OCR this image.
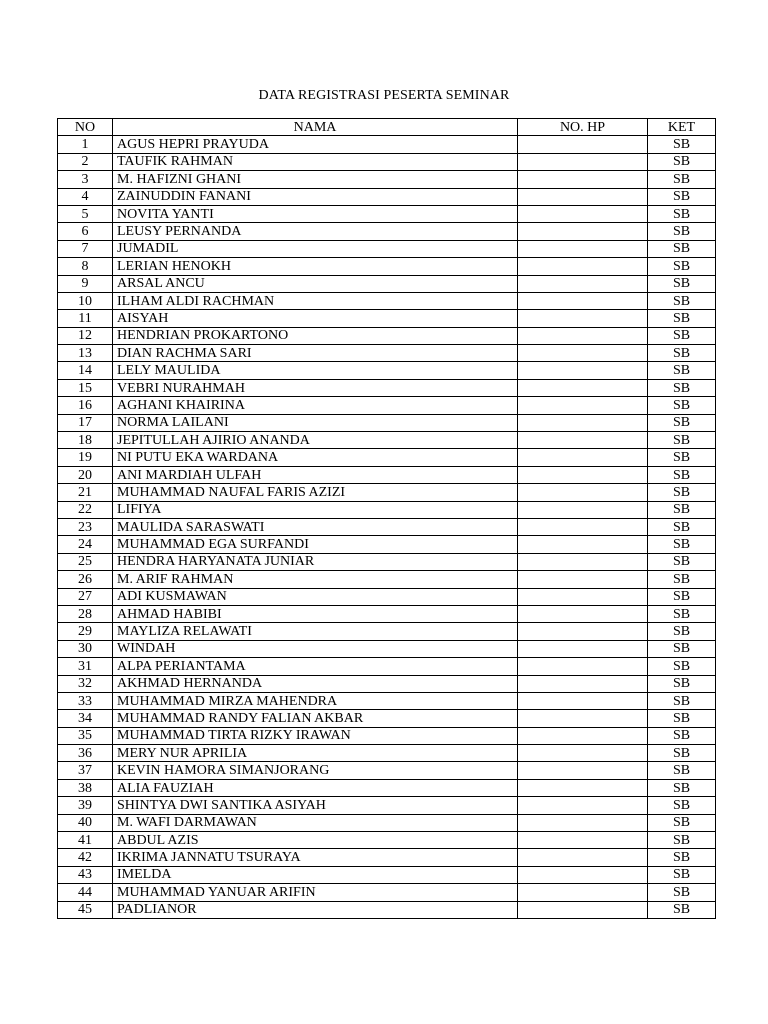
DATA REGISTRASI PESERTA SEMINAR
NO	NAMA	NO. HP	KET
1	AGUS HEPRI PRAYUDA		SB
2	TAUFIK RAHMAN		SB
3	M. HAFIZNI GHANI		SB
4	ZAINUDDIN FANANI		SB
5	NOVITA YANTI		SB
6	LEUSY PERNANDA		SB
7	JUMADIL		SB
8	LERIAN HENOKH		SB
9	ARSAL ANCU		SB
10	ILHAM ALDI RACHMAN		SB
11	AISYAH		SB
12	HENDRIAN PROKARTONO		SB
13	DIAN RACHMA SARI		SB
14	LELY MAULIDA		SB
15	VEBRI NURAHMAH		SB
16	AGHANI KHAIRINA		SB
17	NORMA LAILANI		SB
18	JEPITULLAH AJIRIO ANANDA		SB
19	NI PUTU EKA WARDANA		SB
20	ANI MARDIAH ULFAH		SB
21	MUHAMMAD NAUFAL FARIS AZIZI		SB
22	LIFIYA		SB
23	MAULIDA SARASWATI		SB
24	MUHAMMAD EGA SURFANDI		SB
25	HENDRA HARYANATA JUNIAR		SB
26	M. ARIF RAHMAN		SB
27	ADI KUSMAWAN		SB
28	AHMAD HABIBI		SB
29	MAYLIZA RELAWATI		SB
30	WINDAH		SB
31	ALPA PERIANTAMA		SB
32	AKHMAD HERNANDA		SB
33	MUHAMMAD MIRZA MAHENDRA		SB
34	MUHAMMAD RANDY FALIAN AKBAR		SB
35	MUHAMMAD TIRTA RIZKY IRAWAN		SB
36	MERY NUR APRILIA		SB
37	KEVIN HAMORA SIMANJORANG		SB
38	ALIA FAUZIAH		SB
39	SHINTYA DWI SANTIKA ASIYAH		SB
40	M. WAFI DARMAWAN		SB
41	ABDUL AZIS		SB
42	IKRIMA JANNATU TSURAYA		SB
43	IMELDA		SB
44	MUHAMMAD YANUAR ARIFIN		SB
45	PADLIANOR		SB
